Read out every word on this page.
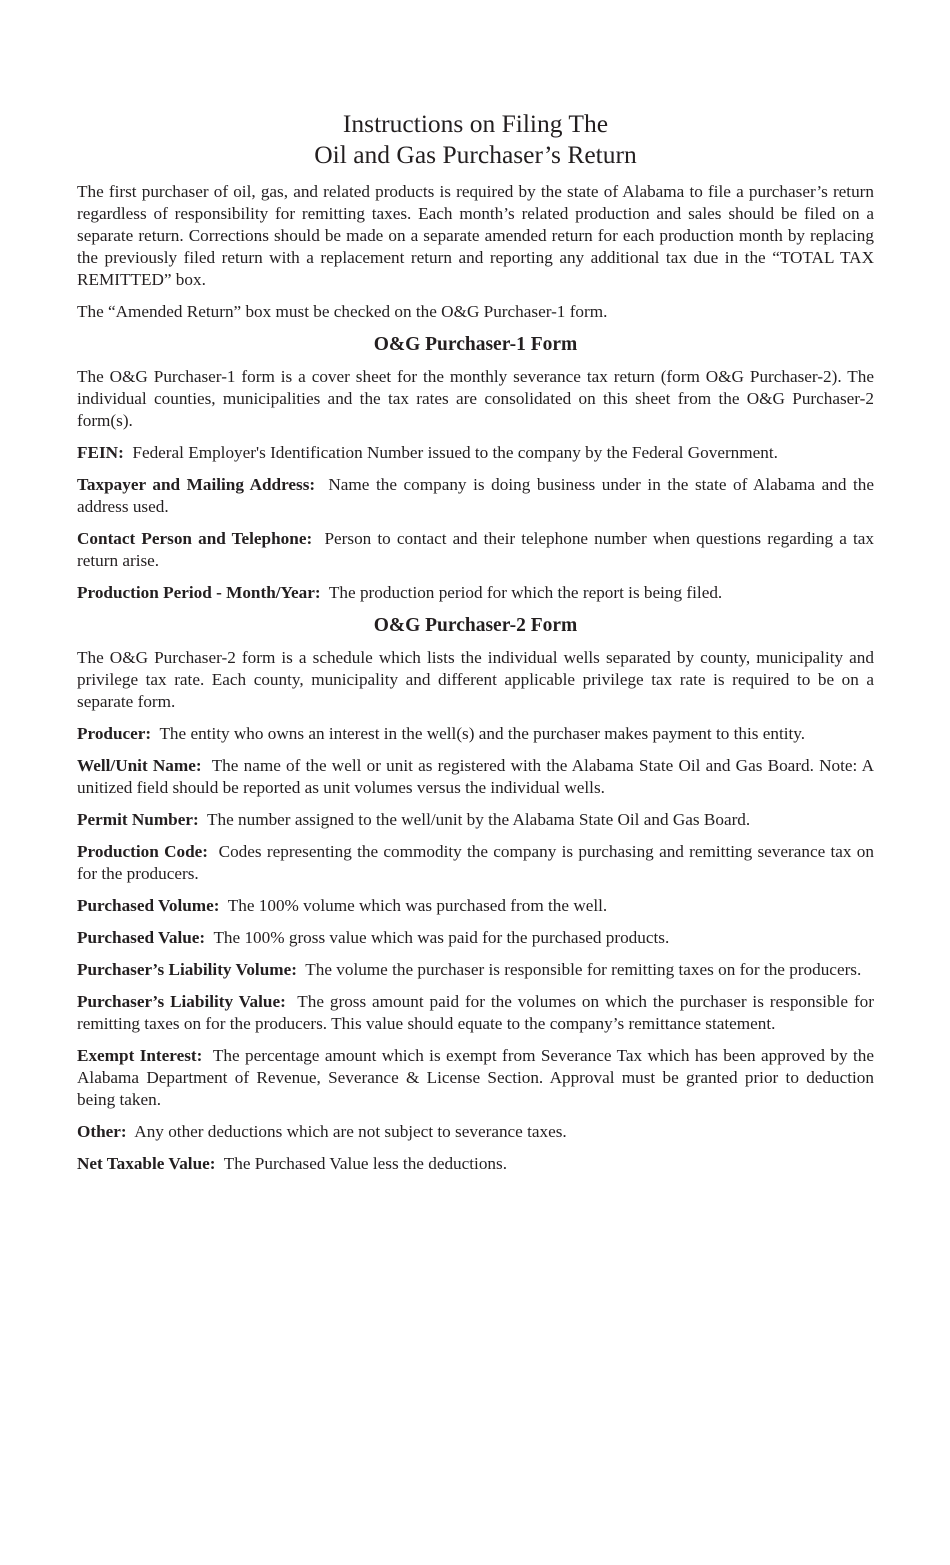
Instructions on Filing The
Oil and Gas Purchaser’s Return

The first purchaser of oil, gas, and related products is required by the state of Alabama to file a purchaser’s return regardless of responsibility for remitting taxes. Each month’s related production and sales should be filed on a separate return. Corrections should be made on a separate amended return for each production month by replacing the previously filed return with a replacement return and reporting any additional tax due in the “TOTAL TAX REMITTED” box.

The “Amended Return” box must be checked on the O&G Purchaser-1 form.

O&G Purchaser-1 Form

The O&G Purchaser-1 form is a cover sheet for the monthly severance tax return (form O&G Purchaser-2). The individual counties, municipalities and the tax rates are consolidated on this sheet from the O&G Purchaser-2 form(s).

FEIN: Federal Employer's Identification Number issued to the company by the Federal Government.

Taxpayer and Mailing Address: Name the company is doing business under in the state of Alabama and the address used.

Contact Person and Telephone: Person to contact and their telephone number when questions regarding a tax return arise.

Production Period - Month/Year: The production period for which the report is being filed.

O&G Purchaser-2 Form

The O&G Purchaser-2 form is a schedule which lists the individual wells separated by county, municipality and privilege tax rate. Each county, municipality and different applicable privilege tax rate is required to be on a separate form.

Producer: The entity who owns an interest in the well(s) and the purchaser makes payment to this entity.

Well/Unit Name: The name of the well or unit as registered with the Alabama State Oil and Gas Board. Note: A unitized field should be reported as unit volumes versus the individual wells.

Permit Number: The number assigned to the well/unit by the Alabama State Oil and Gas Board.

Production Code: Codes representing the commodity the company is purchasing and remitting severance tax on for the producers.

Purchased Volume: The 100% volume which was purchased from the well.

Purchased Value: The 100% gross value which was paid for the purchased products.

Purchaser’s Liability Volume: The volume the purchaser is responsible for remitting taxes on for the producers.

Purchaser’s Liability Value: The gross amount paid for the volumes on which the purchaser is responsible for remitting taxes on for the producers. This value should equate to the company’s remittance statement.

Exempt Interest: The percentage amount which is exempt from Severance Tax which has been approved by the Alabama Department of Revenue, Severance & License Section. Approval must be granted prior to deduction being taken.

Other: Any other deductions which are not subject to severance taxes.

Net Taxable Value: The Purchased Value less the deductions.
